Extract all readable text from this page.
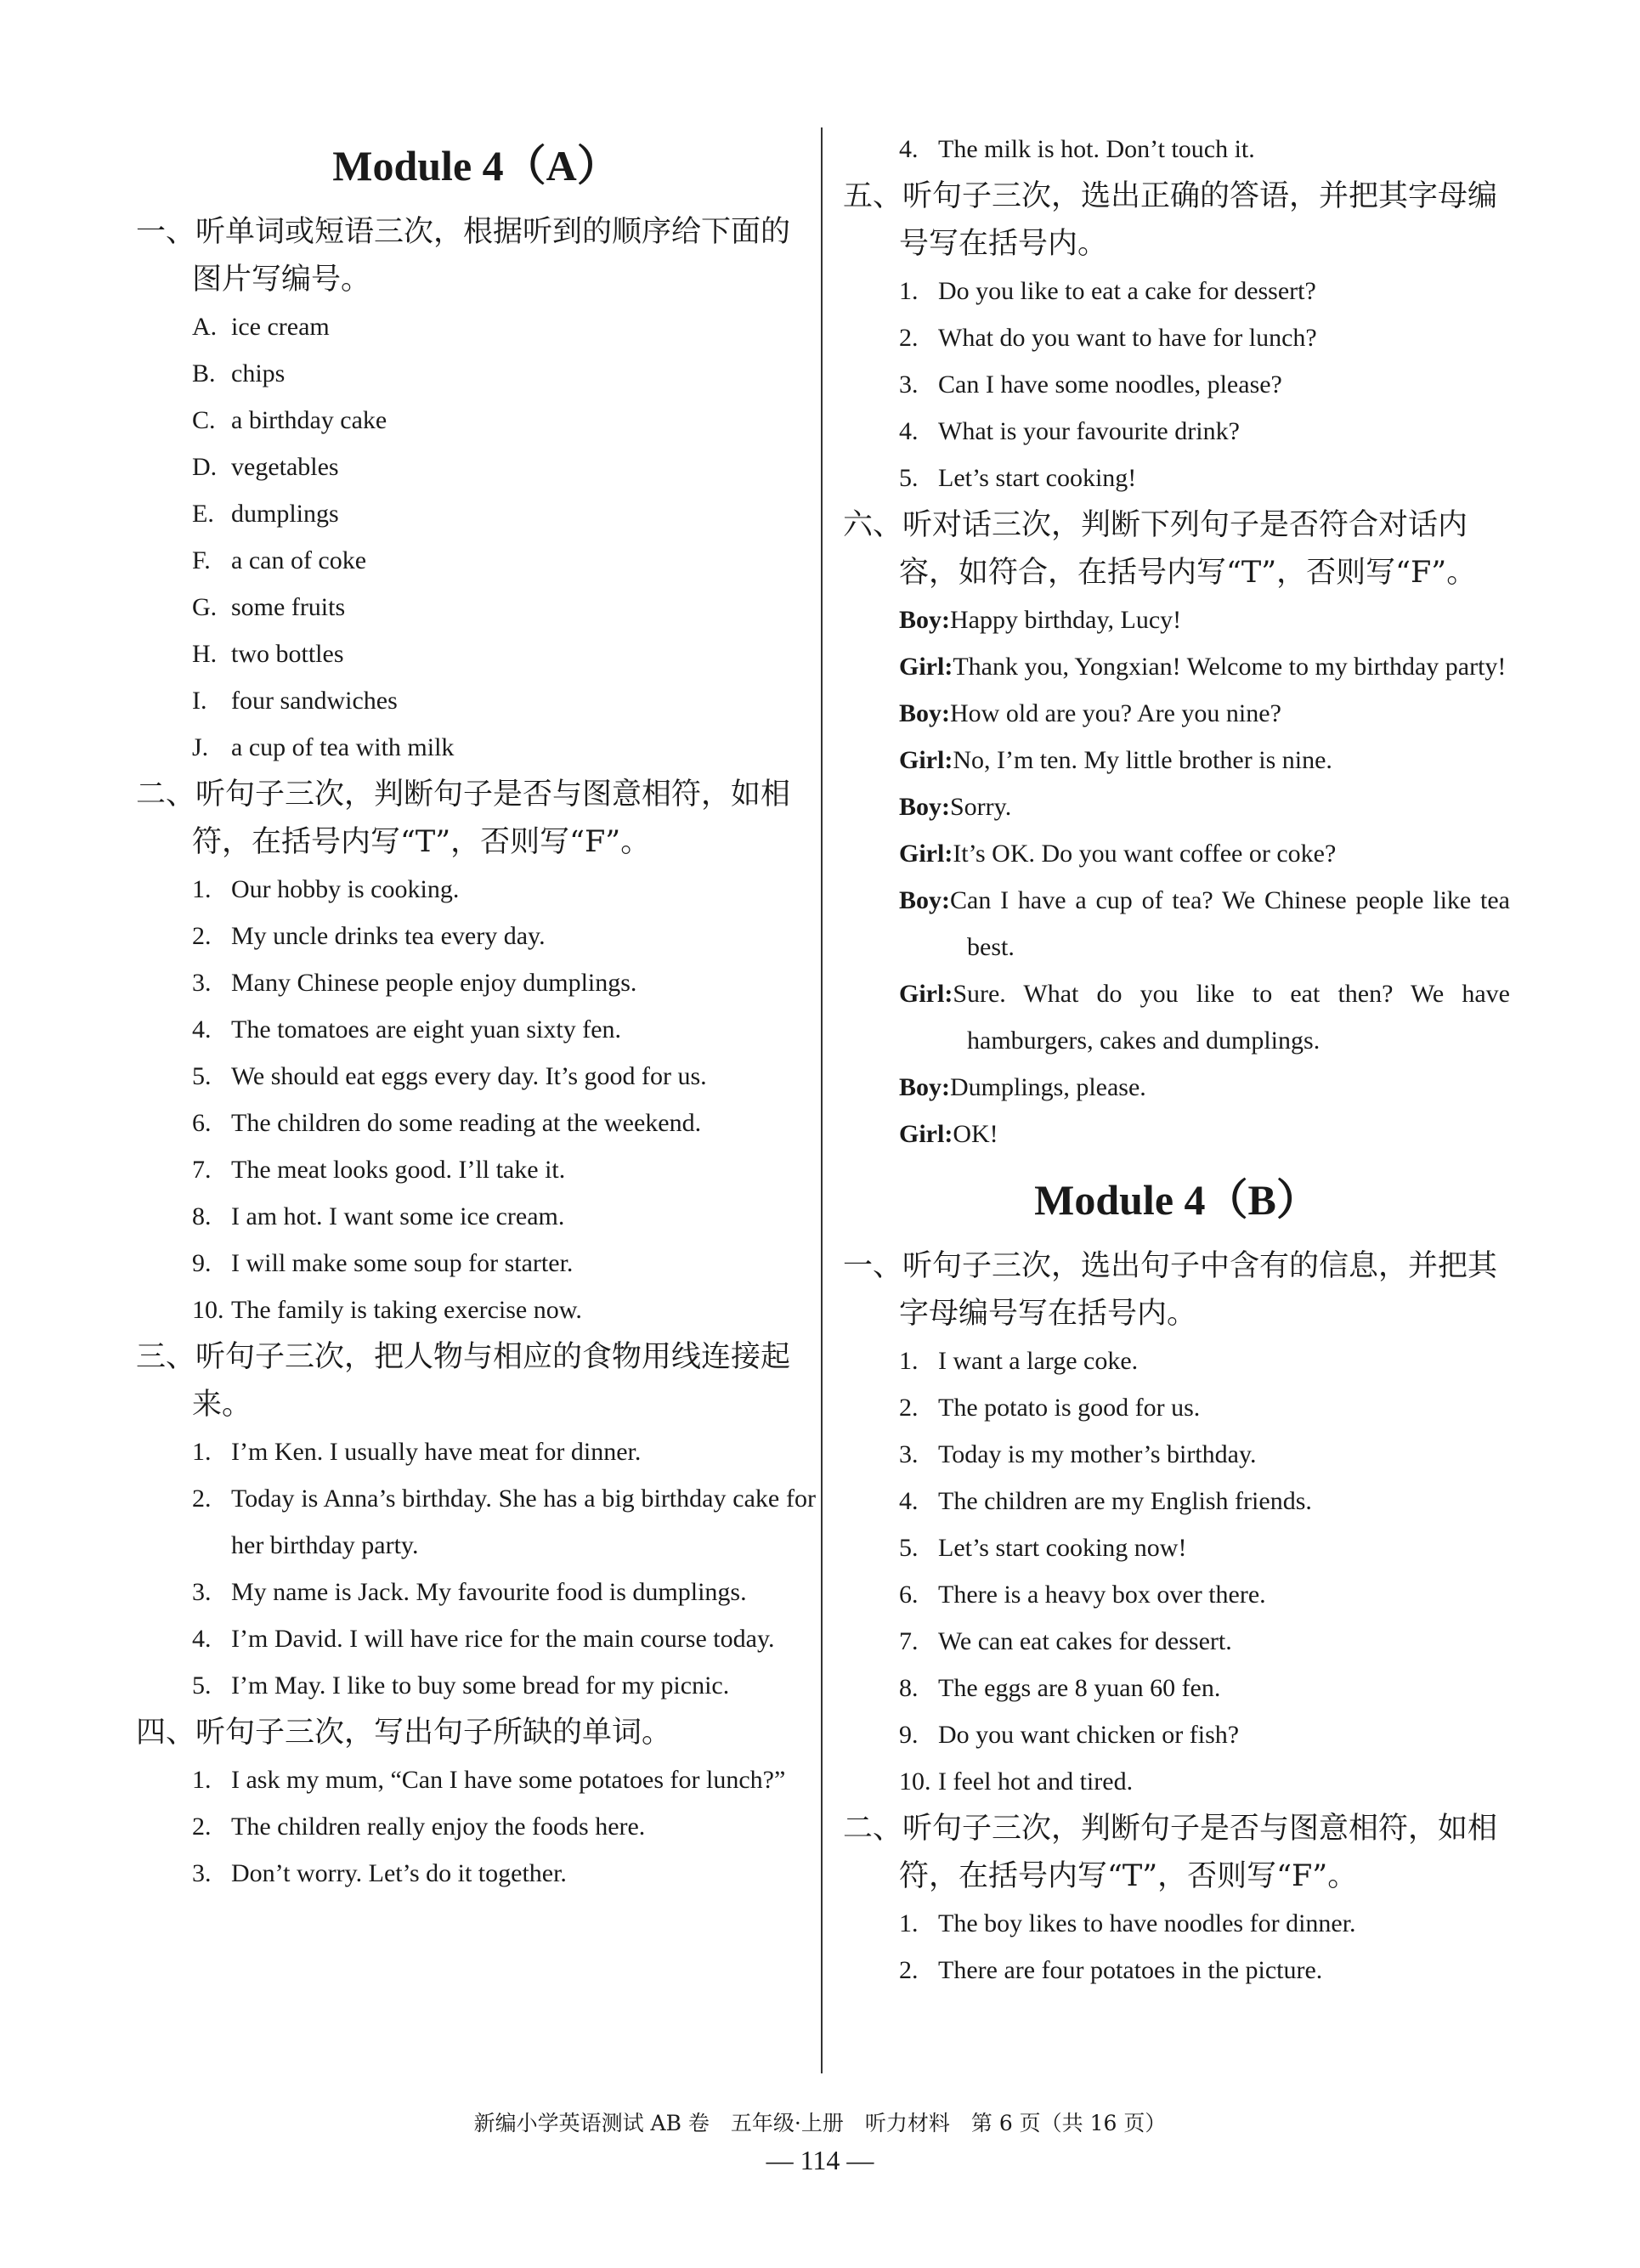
Module 4（A）
一、听单词或短语三次，根据听到的顺序给下面的图片写编号。
A. ice cream
B. chips
C. a birthday cake
D. vegetables
E. dumplings
F. a can of coke
G. some fruits
H. two bottles
I. four sandwiches
J. a cup of tea with milk
二、听句子三次，判断句子是否与图意相符，如相符，在括号内写“T”，否则写“F”。
1. Our hobby is cooking.
2. My uncle drinks tea every day.
3. Many Chinese people enjoy dumplings.
4. The tomatoes are eight yuan sixty fen.
5. We should eat eggs every day. It’s good for us.
6. The children do some reading at the weekend.
7. The meat looks good. I’ll take it.
8. I am hot. I want some ice cream.
9. I will make some soup for starter.
10. The family is taking exercise now.
三、听句子三次，把人物与相应的食物用线连接起来。
1. I’m Ken. I usually have meat for dinner.
2. Today is Anna’s birthday. She has a big birthday cake for her birthday party.
3. My name is Jack. My favourite food is dumplings.
4. I’m David. I will have rice for the main course today.
5. I’m May. I like to buy some bread for my picnic.
四、听句子三次，写出句子所缺的单词。
1. I ask my mum, “Can I have some potatoes for lunch?”
2. The children really enjoy the foods here.
3. Don’t worry. Let’s do it together.
4. The milk is hot. Don’t touch it.
五、听句子三次，选出正确的答语，并把其字母编号写在括号内。
1. Do you like to eat a cake for dessert?
2. What do you want to have for lunch?
3. Can I have some noodles, please?
4. What is your favourite drink?
5. Let’s start cooking!
六、听对话三次，判断下列句子是否符合对话内容，如符合，在括号内写“T”，否则写“F”。
Boy:Happy birthday, Lucy!
Girl:Thank you, Yongxian! Welcome to my birthday party!
Boy:How old are you? Are you nine?
Girl:No, I’m ten. My little brother is nine.
Boy:Sorry.
Girl:It’s OK. Do you want coffee or coke?
Boy:Can I have a cup of tea? We Chinese people like tea best.
Girl:Sure. What do you like to eat then? We have hamburgers, cakes and dumplings.
Boy:Dumplings, please.
Girl:OK!
Module 4（B）
一、听句子三次，选出句子中含有的信息，并把其字母编号写在括号内。
1. I want a large coke.
2. The potato is good for us.
3. Today is my mother’s birthday.
4. The children are my English friends.
5. Let’s start cooking now!
6. There is a heavy box over there.
7. We can eat cakes for dessert.
8. The eggs are 8 yuan 60 fen.
9. Do you want chicken or fish?
10. I feel hot and tired.
二、听句子三次，判断句子是否与图意相符，如相符，在括号内写“T”，否则写“F”。
1. The boy likes to have noodles for dinner.
2. There are four potatoes in the picture.
新编小学英语测试 AB 卷　五年级·上册　听力材料　第 6 页（共 16 页）
— 114 —
